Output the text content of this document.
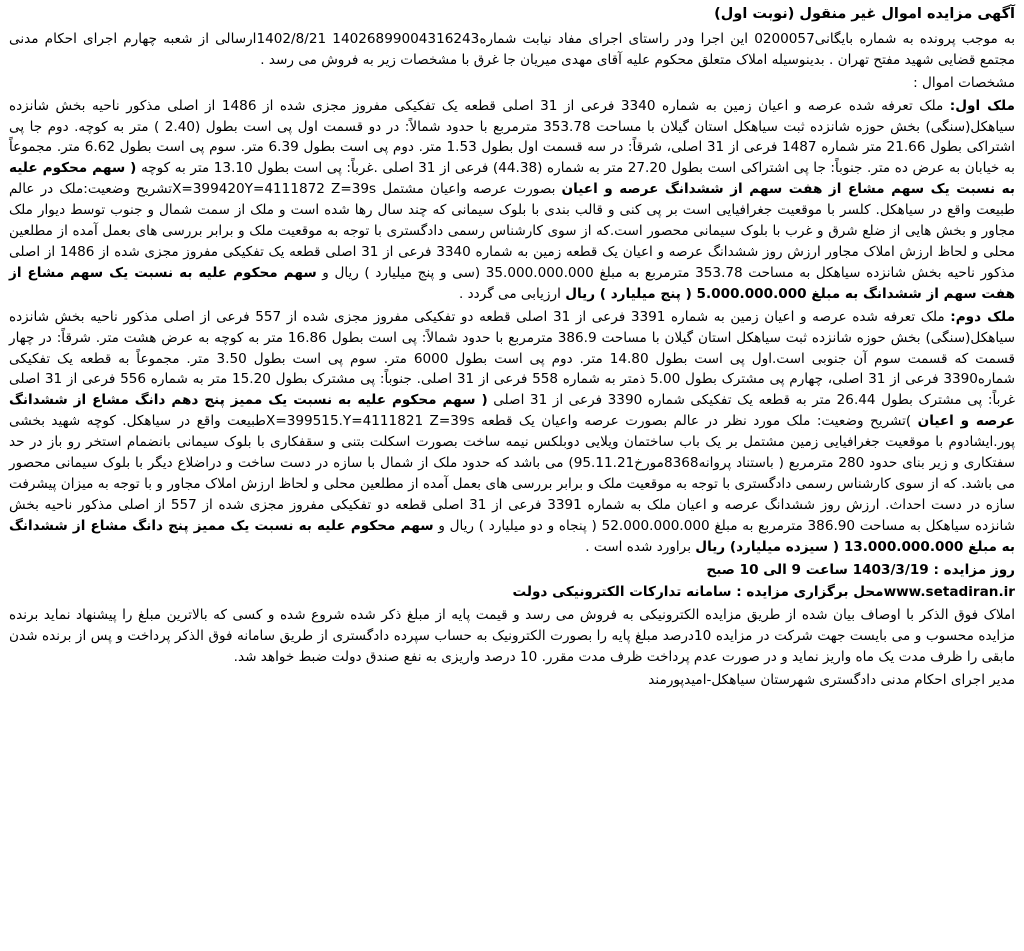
آگهی مزایده اموال غیر منقول (نوبت اول)

به موجب پرونده به شماره بایگانی0200057 این اجرا ودر راستای اجرای مفاد نیابت شماره14026899004316243 1402/8/21ارسالی از شعبه چهارم اجرای احکام مدنی مجتمع قضایی شهید مفتح تهران . بدینوسیله املاک متعلق محکوم علیه آقای مهدی میریان جا غرق با مشخصات زیر به فروش می رسد .

مشخصات اموال :

ملک اول: ملک تعرفه شده عرصه و اعیان زمین به شماره 3340 فرعی از 31 اصلی قطعه یک تفکیکی مفروز مجزی شده از 1486 از اصلی مذکور ناحیه بخش شانزده سیاهکل(سنگی) بخش حوزه شانزده ثبت سیاهکل استان گیلان با مساحت 353.78 مترمربع با حدود شمالاً: در دو قسمت اول پی است بطول (2.40 ) متر به کوچه. دوم جا پی اشتراکی بطول 21.66 متر شماره 1487 فرعی از 31 اصلی، شرقاً: در سه قسمت اول بطول 1.53 متر. دوم پی است بطول 6.39 متر. سوم پی است بطول 6.62 متر. مجموعاً به خیابان به عرض ده متر. جنوباً: جا پی اشتراکی است بطول 27.20 متر به شماره (44.38) فرعی از 31 اصلی .غرباً: پی است بطول 13.10 متر به کوچه ( سهم محکوم علیه به نسبت یک سهم مشاع از هفت سهم از ششدانگ عرصه و اعیان بصورت عرصه واعیان مشتمل X=399420Y=4111872 Z=39sتشریح وضعیت:ملک در عالم طبیعت واقع در سیاهکل. کلسر با موقعیت جغرافیایی است بر پی کنی و قالب بندی با بلوک سیمانی که چند سال رها شده است و ملک از سمت شمال و جنوب توسط دیوار ملک مجاور و بخش هایی از ضلع شرق و غرب با بلوک سیمانی محصور است.که از سوی کارشناس رسمی دادگستری با توجه به موقعیت ملک و برابر بررسی های بعمل آمده از مطلعین محلی و لحاظ ارزش املاک مجاور ارزش روز ششدانگ عرصه و اعیان یک قطعه زمین به شماره 3340 فرعی از 31 اصلی قطعه یک تفکیکی مفروز مجزی شده از 1486 از اصلی مذکور ناحیه بخش شانزده سیاهکل به مساحت 353.78 مترمربع به مبلغ 35.000.000.000 (سی و پنج میلیارد ) ریال و سهم محکوم علیه به نسبت یک سهم مشاع از هفت سهم از ششدانگ به مبلغ 5.000.000.000 ( پنج میلیارد ) ریال ارزیابی می گردد .

ملک دوم: ملک تعرفه شده عرصه و اعیان زمین به شماره 3391 فرعی از 31 اصلی قطعه دو تفکیکی مفروز مجزی شده از 557 فرعی از اصلی مذکور ناحیه بخش شانزده سیاهکل(سنگی) بخش حوزه شانزده ثبت سیاهکل استان گیلان با مساحت 386.9 مترمربع با حدود شمالاً: پی است بطول 16.86 متر به کوچه به عرض هشت متر. شرقاً: در چهار قسمت که قسمت سوم آن جنوبی است.اول پی است بطول 14.80 متر. دوم پی است بطول 6000 متر. سوم پی است بطول 3.50 متر. مجموعاً به قطعه یک تفکیکی شماره3390 فرعی از 31 اصلی، چهارم پی مشترک بطول 5.00 ذمتر به شماره 558 فرعی از 31 اصلی. جنوباً: پی مشترک بطول 15.20 متر به شماره 556 فرعی از 31 اصلی غرباً: پی مشترک بطول 26.44 متر به قطعه یک تفکیکی شماره 3390 فرعی از 31 اصلی ( سهم محکوم علیه به نسبت یک ممیز پنج دهم دانگ مشاع از ششدانگ عرصه و اعیان )تشریح وضعیت: ملک مورد نظر در عالم بصورت عرصه واعیان یک قطعه X=399515.Y=4111821 Z=39sطبیعت واقع در سیاهکل. کوچه شهید بخشی پور.ایشادوم با موقعیت جغرافیایی زمین مشتمل بر یک باب ساختمان ویلایی دوبلکس نیمه ساخت بصورت اسکلت بتنی و سقفکاری با بلوک سیمانی بانضمام استخر رو باز در حد سفتکاری و زیر بنای حدود 280 مترمربع ( باستناد پروانه8368مورخ95.11.21) می باشد که حدود ملک از شمال با سازه در دست ساخت و دراضلاع دیگر با بلوک سیمانی محصور می باشد. که از سوی کارشناس رسمی دادگستری با توجه به موقعیت ملک و برابر بررسی های بعمل آمده از مطلعین محلی و لحاظ ارزش املاک مجاور و با توجه به میزان پیشرفت سازه در دست احداث. ارزش روز ششدانگ عرصه و اعیان ملک به شماره 3391 فرعی از 31 اصلی قطعه دو تفکیکی مفروز مجزی شده از 557 از اصلی مذکور ناحیه بخش شانزده سیاهکل به مساحت 386.90 مترمربع به مبلغ 52.000.000.000 ( پنجاه و دو میلیارد ) ریال و سهم محکوم علیه به نسبت یک ممیز پنج دانگ مشاع از ششدانگ به مبلغ 13.000.000.000 ( سیزده میلیارد) ریال براورد شده است .

روز مزایده : 1403/3/19 ساعت 9 الی 10 صبح

www.setadiran.irمحل برگزاری مزایده : سامانه تدارکات الکترونیکی دولت

املاک فوق الذکر با اوصاف بیان شده از طریق مزایده الکترونیکی به فروش می رسد و قیمت پایه از مبلغ ذکر شده شروع شده و کسی که بالاترین مبلغ را پیشنهاد نماید برنده مزایده محسوب و می بایست جهت شرکت در مزایده 10درصد مبلغ پایه را بصورت الکترونیک به حساب سپرده دادگستری از طریق سامانه فوق الذکر پرداخت و پس از برنده شدن مابقی را ظرف مدت یک ماه واریز نماید و در صورت عدم پرداخت ظرف مدت مقرر. 10 درصد واریزی به نفع صندق دولت ضبط خواهد شد.

مدیر اجرای احکام مدنی دادگستری شهرستان سیاهکل-امیدپورمند
